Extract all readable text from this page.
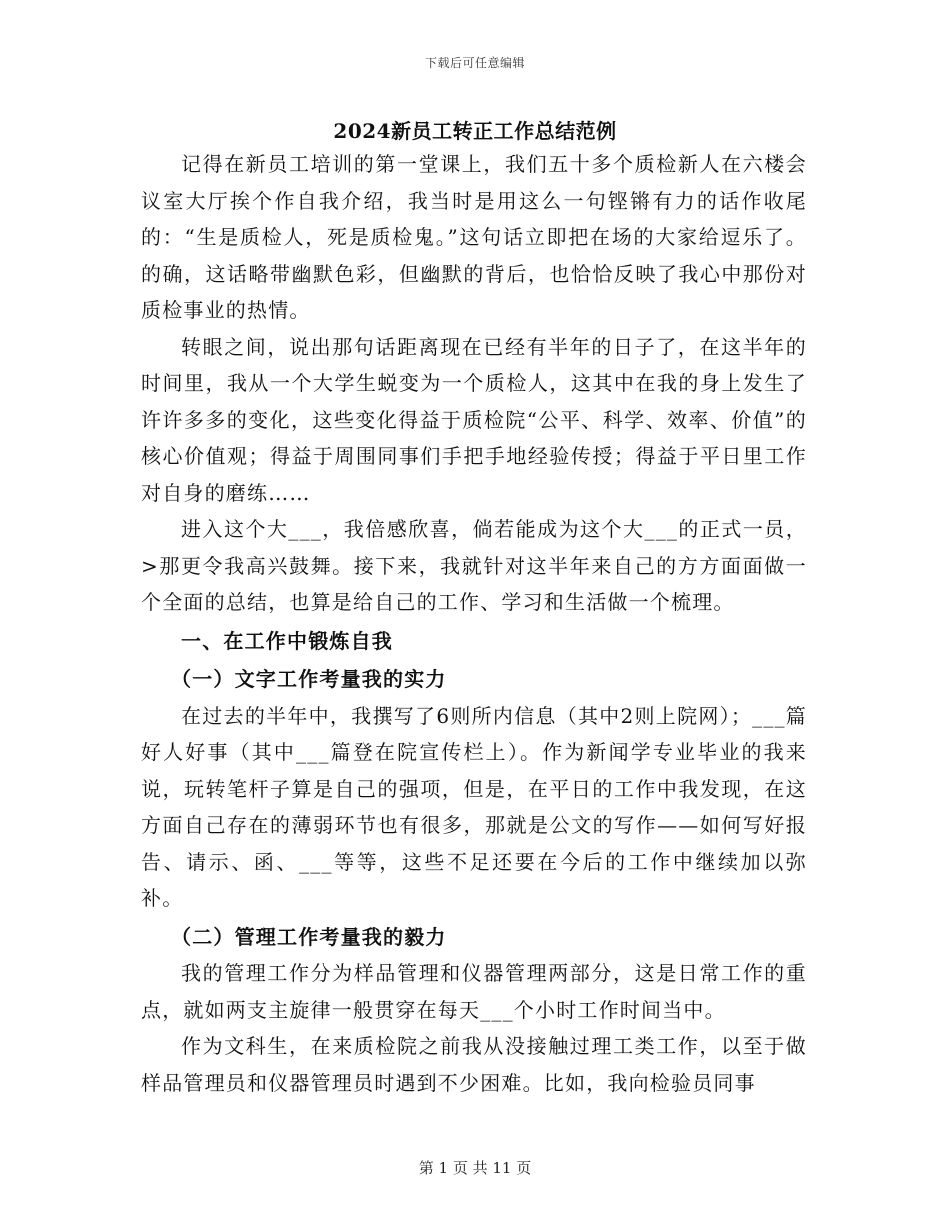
下载后可任意编辑
2024新员工转正工作总结范例

记得在新员工培训的第一堂课上，我们五十多个质检新人在六楼会议室大厅挨个作自我介绍，我当时是用这么一句铿锵有力的话作收尾的：“生是质检人，死是质检鬼。”这句话立即把在场的大家给逗乐了。的确，这话略带幽默色彩，但幽默的背后，也恰恰反映了我心中那份对质检事业的热情。

转眼之间，说出那句话距离现在已经有半年的日子了，在这半年的时间里，我从一个大学生蜕变为一个质检人，这其中在我的身上发生了许许多多的变化，这些变化得益于质检院“公平、科学、效率、价值”的核心价值观；得益于周围同事们手把手地经验传授；得益于平日里工作对自身的磨练……

进入这个大___，我倍感欣喜，倘若能成为这个大___的正式一员，>那更令我高兴鼓舞。接下来，我就针对这半年来自己的方方面面做一个全面的总结，也算是给自己的工作、学习和生活做一个梳理。

一、在工作中锻炼自我

（一）文字工作考量我的实力

在过去的半年中，我撰写了6则所内信息（其中2则上院网）；___篇好人好事（其中___篇登在院宣传栏上）。作为新闻学专业毕业的我来说，玩转笔杆子算是自己的强项，但是，在平日的工作中我发现，在这方面自己存在的薄弱环节也有很多，那就是公文的写作——如何写好报告、请示、函、___等等，这些不足还要在今后的工作中继续加以弥补。

（二）管理工作考量我的毅力

我的管理工作分为样品管理和仪器管理两部分，这是日常工作的重点，就如两支主旋律一般贯穿在每天___个小时工作时间当中。

作为文科生，在来质检院之前我从没接触过理工类工作，以至于做样品管理员和仪器管理员时遇到不少困难。比如，我向检验员同事

第 1 页 共 11 页
